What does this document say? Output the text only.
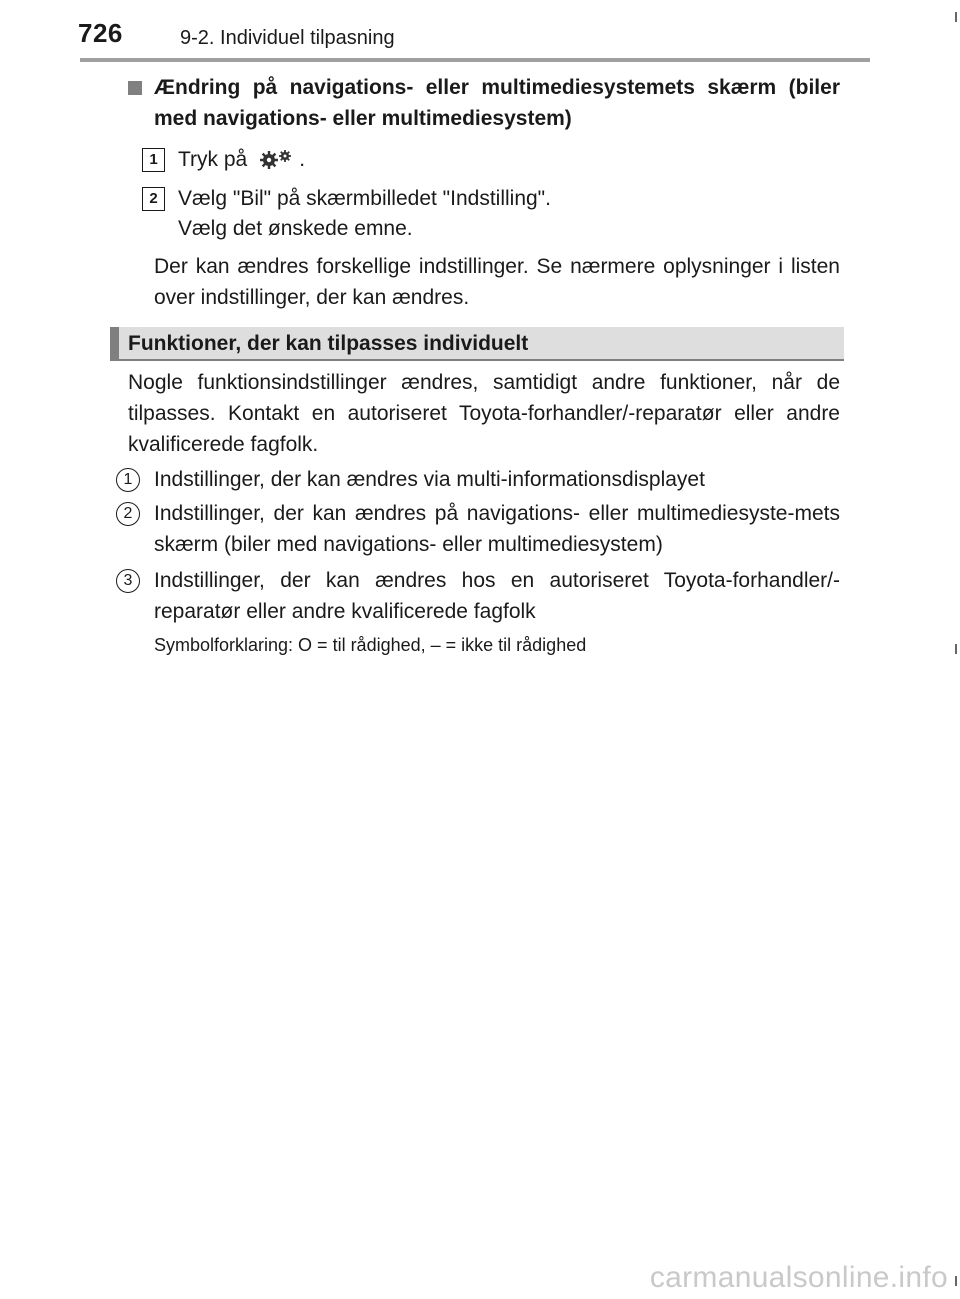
726	9-2. Individuel tilpasning
Ændring på navigations- eller multimediesystemets skærm (biler med navigations- eller multimediesystem)
1 Tryk på .
2 Vælg "Bil" på skærmbilledet "Indstilling".
Vælg det ønskede emne.
Der kan ændres forskellige indstillinger. Se nærmere oplysninger i listen over indstillinger, der kan ændres.
Funktioner, der kan tilpasses individuelt
Nogle funktionsindstillinger ændres, samtidigt andre funktioner, når de tilpasses. Kontakt en autoriseret Toyota-forhandler/-reparatør eller andre kvalificerede fagfolk.
1	Indstillinger, der kan ændres via multi-informationsdisplayet
2	Indstillinger, der kan ændres på navigations- eller multimediesyste-mets skærm (biler med navigations- eller multimediesystem)
3	Indstillinger, der kan ændres hos en autoriseret Toyota-forhandler/-reparatør eller andre kvalificerede fagfolk
Symbolforklaring: O = til rådighed, – = ikke til rådighed
carmanualsonline.info
